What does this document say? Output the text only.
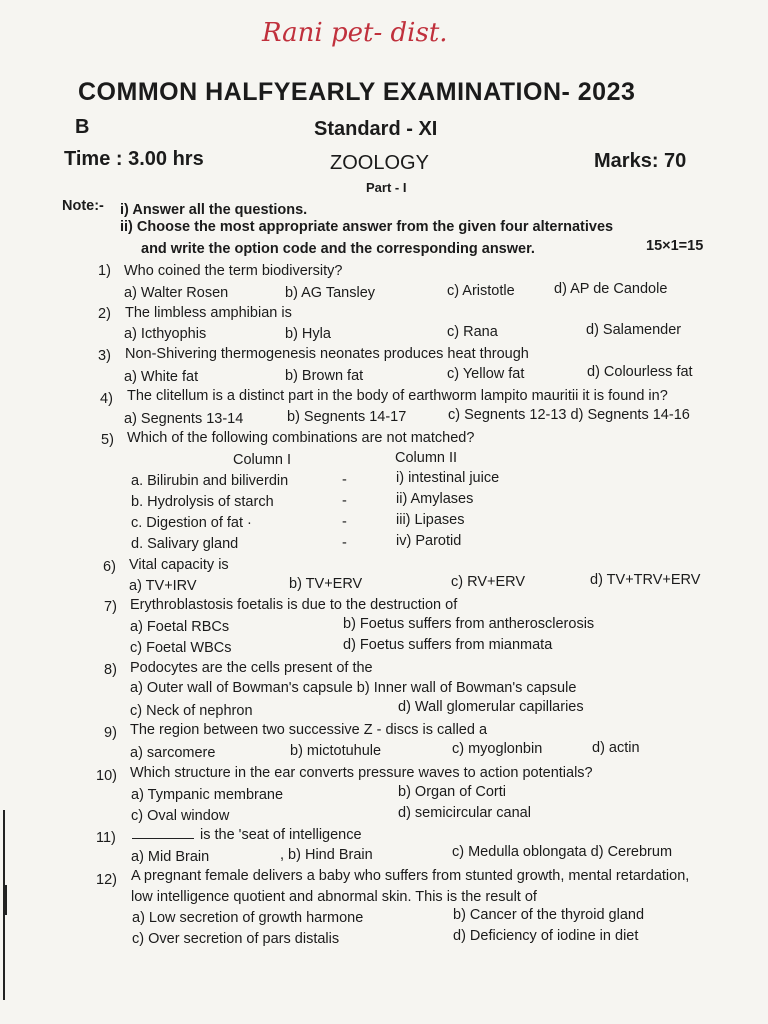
Rani pet- dist.
COMMON HALFYEARLY EXAMINATION- 2023
B	Standard - XI
Time : 3.00 hrs	ZOOLOGY	Marks: 70
Part - I
Note:- i) Answer all the questions.
ii) Choose the most appropriate answer from the given four alternatives
and write the option code and the corresponding answer.	15×1=15
1) Who coined the term biodiversity?
a) Walter Rosen	b) AG Tansley	c) Aristotle	d) AP de Candole
2) The limbless amphibian is
a) Icthyophis	b) Hyla	c) Rana	d) Salamender
3) Non-Shivering thermogenesis neonates produces heat through
a) White fat	b) Brown fat	c) Yellow fat	d) Colourless fat
4) The clitellum is a distinct part in the body of earthworm lampito mauritii it is found in?
a) Segnents 13-14	b) Segnents 14-17	c) Segnents 12-13 d) Segnents 14-16
5) Which of the following combinations are not matched?
Column I	Column II
a. Bilirubin and biliverdin	-	i) intestinal juice
b. Hydrolysis of starch	-	ii) Amylases
c. Digestion of fat ·	-	iii) Lipases
d. Salivary gland	-	iv) Parotid
6) Vital capacity is
a) TV+IRV	b) TV+ERV	c) RV+ERV	d) TV+TRV+ERV
7) Erythroblastosis foetalis is due to the destruction of
a) Foetal RBCs	b) Foetus suffers from antherosclerosis
c) Foetal WBCs	d) Foetus suffers from mianmata
8) Podocytes are the cells present of the
a) Outer wall of Bowman's capsule b) Inner wall of Bowman's capsule
c) Neck of nephron	d) Wall glomerular capillaries
9) The region between two successive Z - discs is called a
a) sarcomere	b) mictotuhule	c) myoglonbin	d) actin
10) Which structure in the ear converts pressure waves to action potentials?
a) Tympanic membrane	b) Organ of Corti
c) Oval window	d) semicircular canal
11)	is the 'seat of intelligence
a) Mid Brain	, b) Hind Brain	c) Medulla oblongata d) Cerebrum
12) A pregnant female delivers a baby who suffers from stunted growth, mental retardation,
low intelligence quotient and abnormal skin. This is the result of
a) Low secretion of growth harmone	b) Cancer of the thyroid gland
c) Over secretion of pars distalis	d) Deficiency of iodine in diet
